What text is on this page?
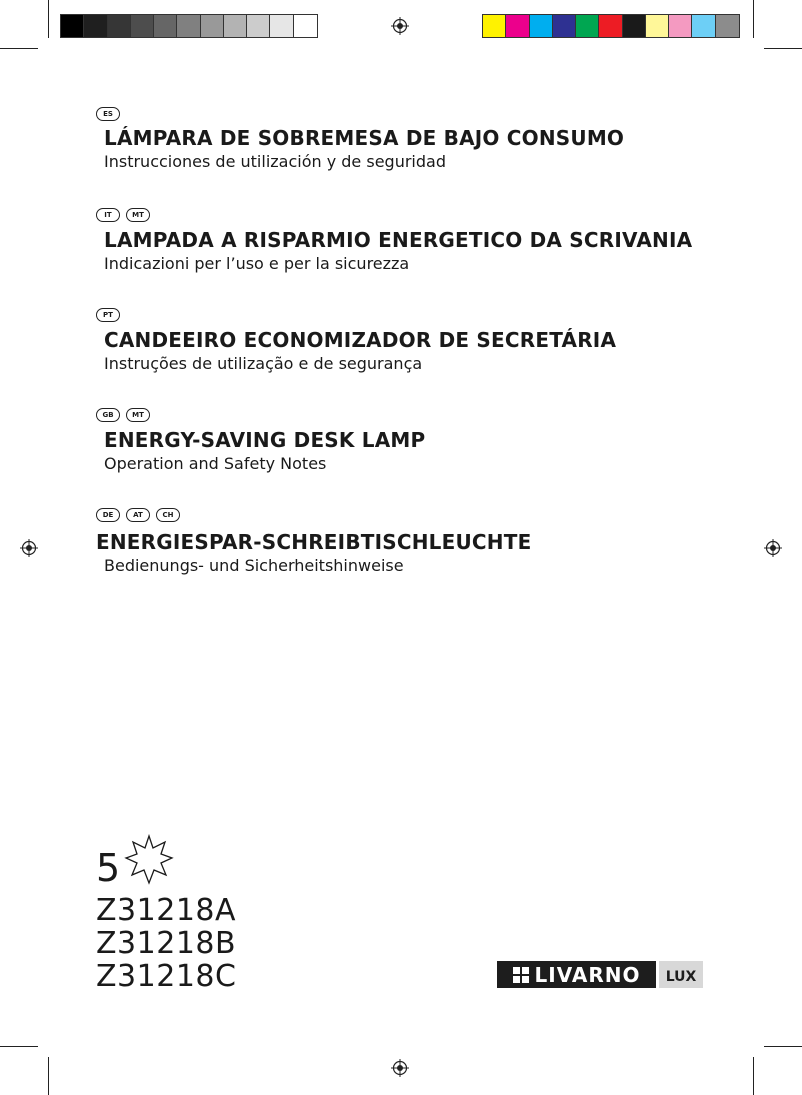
ES
LÁMPARA DE SOBREMESA DE BAJO CONSUMO
Instrucciones de utilización y de seguridad
IT	MT
LAMPADA A RISPARMIO ENERGETICO DA SCRIVANIA
Indicazioni per l’uso e per la sicurezza
PT
CANDEEIRO ECONOMIZADOR DE SECRETÁRIA
Instruções de utilização e de segurança
GB	MT
ENERGY-SAVING DESK LAMP
Operation and Safety Notes
DE	AT	CH
ENERGIESPAR-SCHREIBTISCHLEUCHTE
Bedienungs- und Sicherheitshinweise
5
Z31218A
Z31218B
Z31218C	LIVARNO LUX
